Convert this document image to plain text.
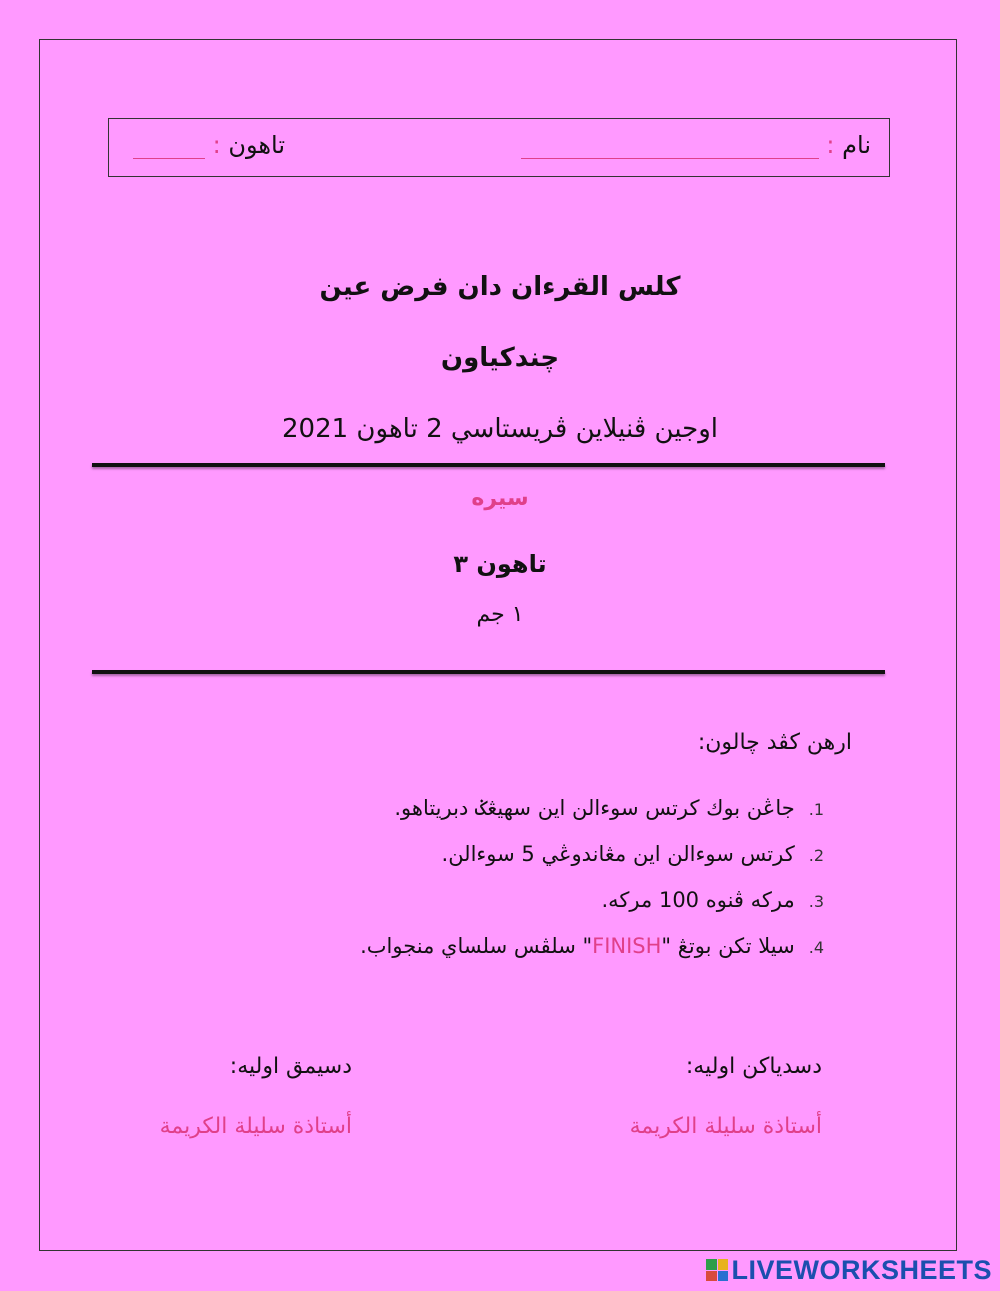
نام :
تاهون :
كلس القرءان دان فرض عين
چندكياون
اوجين ڤنيلاين ڤريستاسي 2 تاهون 2021
سيره
تاهون ٣
١ جم
ارهن كڤد چالون:
1.جاڠن بوك كرتس سوءالن اين سهيڠݢ دبريتاهو.
2.كرتس سوءالن اين مڠاندوڠي 5 سوءالن.
3.مركه ڤنوه 100 مركه.
4.سيلا تكن بوتڠ "FINISH" سلڤس سلساي منجواب.
دسدياكن اوليه:
دسيمق اوليه:
أستاذة سليلة الكريمة
أستاذة سليلة الكريمة
LIVEWORKSHEETS
